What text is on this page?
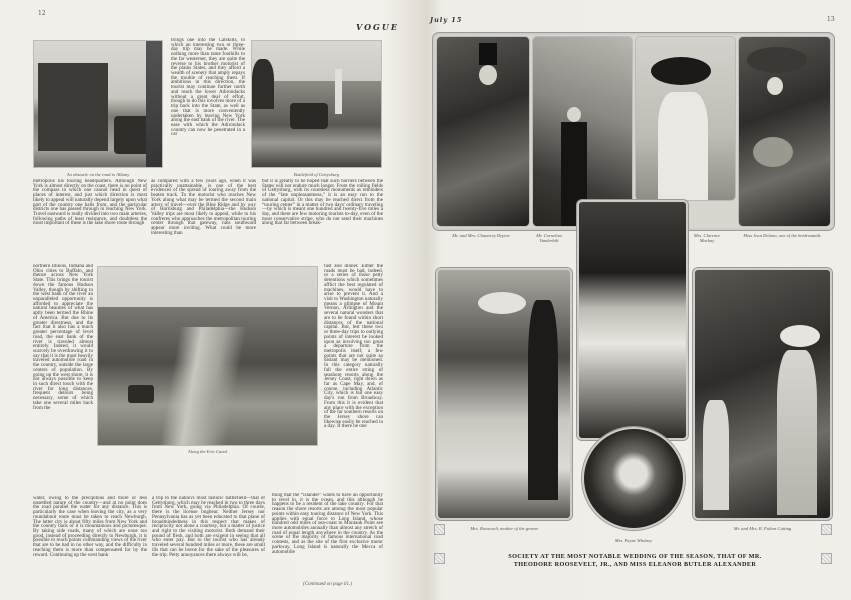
12
VOGUE
An obstacle on the road to Albany
brings one into the Catskills, to which an interesting two or three-day trip may be made. While nothing more than tame foothills to the far westerner, they are quite the reverse to his brother motorist of the plains States, and they afford a wealth of scenery that amply repays the trouble of reaching them. If ambitious in this direction, the tourist may continue further north and reach the lower Adirondacks without a great deal of effort, though to do this involves more of a trip back into the State, as well as one that is more conveniently undertaken by leaving New York along the east bank of the river. The ease with which the Adirondack country can now be penetrated in a car
Battlefield of Gettysburg
metropolis his touring headquarters. Although New York is almost directly on the coast, there is no point of the compass to which one cannot head in quest of places of interest, and just which direction is most likely to appeal will naturally depend largely upon what part of the country one hails from, and the particular districts one has passed through in reaching New York. Travel eastward is really divided into two main arteries, following paths of least resistance, and doubtless the most important of these is the lake shore route through
as compared with a few years ago, when it was practically unattainable, is one of the best evidences of the spread of touring away from the beaten track. To the motorist who reaches New York along what may be termed the second main artery of travel—over the Blue Ridge and by way of Harrisburg and Philadelphia—the Hudson Valley trips are most likely to appeal, while to his confreres who approaches the metropolitan touring center through that gateway, runs southward appear more inviting. What could be more interesting than
but it is greatly to be hoped that such barriers between the States will not endure much longer. From the rolling fields of Gettysburg, with its countless monuments as reminders of the “late unpleasantness,” it is an easy run to the national capital. Or this may be reached direct from the “touring center” in a matter of two days' ordinary traveling—by which is meant one hundred and twenty-five miles a day, and there are few motoring tourists to-day, even of the most conservative stripe, who do not send their machines along that far between break-
northern Illinois, Indiana and Ohio cities to Buffalo, and thence across New York State. This brings the tourist down the famous Hudson Valley, though by shifting to the west bank of the river an unparalleled opportunity is afforded to appreciate the natural beauties of what has aptly been termed the Rhine of America. But due to its greater directness, and the fact that it also has a much greater percentage of level road, the east bank of the river is traveled almost entirely. Indeed, it would scarcely be overdrawing it to say that it is the most heavily traveled automobile road in the country, outside the large centers of population. By going up the west shore, it is not always possible to keep in such direct touch with the river for long distances, frequent detours being necessary, some of which take one several miles back from the
Along the Erie Canal
fast and dinner. Either the roads must be bad, indeed, or a series of those petty detentions which sometimes afflict the best regulated of machines, would have to arise to prevent it. And a visit to Washington naturally means a glimpse of Mount Vernon, Arlington and the several natural wonders that are to be found within short distances of the national capital. But, lest these two or three-day trips to outlying points of interest be looked upon as involving too great a departure from the metropolis itself, a few points that are not quite so distant may be mentioned. In this category naturally fall the entire string of seashore resorts along the Jersey Coast, right down as far as Cape May, and, of course, including Atlantic City, which is but one easy day's run from Broadway. From this it is evident that any place with the exception of the far southern resorts on the Jersey shore can likewise easily be reached in a day. If there be one
water, owing to the precipitous and more or less unsettled nature of the country—and at no point does the road parallel the water for any distance. This is particularly the case when leaving the city, as a very roundabout route must be taken to reach Newburgh. The latter city is about fifty miles from New York and the country back of it is mountainous and picturesque. By taking side roads, many of which are none too good, instead of proceeding directly to Newburgh, it is possible to reach points commanding views of the river that are to be had in no other way, and the difficulty in reaching them is more than compensated for by the reward. Continuing up the west bank
a trip to the nation's most historic battlefield—that of Gettysburg, which may be reached in two to three days from New York, going via Philadelphia. Of course, there is the license bugbear. Neither Jersey nor Pennsylvania has as yet been educated to that plane of broadmindedness in this respect that makes of reciprocity not alone a courtesy, but a matter of justice and right to the visiting motorist. Both demand their pound of flesh, and both are exigent in seeing that all who enter pay. But to the tourist who has already traveled several hundred miles or more, these are small ills that can be borne for the sake of the pleasures of the trip. Petty annoyances there always will be,
thing that the “islander” wants to have an opportunity to revel in, it is the ocean, and this although he happens to be a resident of the lake country. For that reason the shore resorts are among the most popular points within easy touring distance of New York. This applies with equal force to Long Island, whose hundred odd miles of sea-coast to Montauk Point see more automobiles annually than almost any stretch of road of equal length anywhere in the country. As the scene of the majority of famous international road contests, and as the site of the first exclusive motor parkway, Long Island is naturally the Mecca of automobile
(Continued on page 61.)
July 15	13
Mr. and Mrs. Chauncey Depew	Mr. Cornelius Vanderbilt
Mrs. Clarence Mackay
Miss Jean Delano, one of the bridesmaids
Mrs. Roosevelt, mother of the groom	Mr. and Mrs. R. Fulton Cutting
Mrs. Payne Whitney
SOCIETY AT THE MOST NOTABLE WEDDING OF THE SEASON, THAT OF MR. THEODORE ROOSEVELT, JR., AND MISS ELEANOR BUTLER ALEXANDER
